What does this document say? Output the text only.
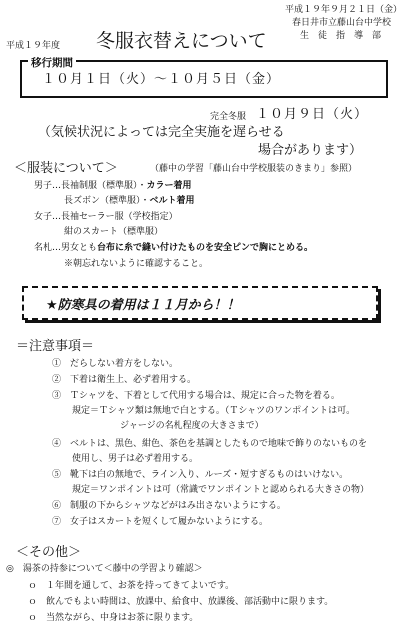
平成１９年９月２１日（金）
春日井市立藤山台中学校
生　徒　指　導　部
平成１９年度 冬服衣替えについて
移行期間
１０月１日（火）～１０月５日（金）
完全冬服 １０月９日（火）
（気候状況によっては完全実施を遅らせる
場合があります）
＜服装について＞	（藤中の学習「藤山台中学校服装のきまり」参照）
男子…長袖制服（標準服）・カラー着用
長ズボン（標準服）・ベルト着用
女子…長袖セーラー服（学校指定）
紺のスカート（標準服）
名札…男女とも台布に糸で縫い付けたものを安全ピンで胸にとめる。
※朝忘れないように確認すること。
★防寒具の着用は１１月から！！
＝注意事項＝
①　 だらしない着方をしない。
②　 下着は衛生上、必ず着用する。
③　 Ｔシャツを、下着として代用する場合は、規定に合った物を着る。
規定＝Ｔシャツ類は無地で白とする。（Ｔシャツのワンポイントは可。
ジャージの名札程度の大きさまで）
④　 ベルトは、黒色、紺色、茶色を基調としたもので地味で飾りのないものを
使用し、男子は必ず着用する。
⑤　 靴下は白の無地で、ライン入り、ルーズ・短すぎるものはいけない。
規定＝ワンポイントは可（常識でワンポイントと認められる大きさの物）
⑥　 制服の下からシャツなどがはみ出さないようにする。
⑦　 女子はスカートを短くして履かないようにする。
＜その他＞
◎　湯茶の持参について＜藤中の学習より確認＞
ｏ　１年間を通して、お茶を持ってきてよいです。
ｏ　飲んでもよい時間は、放課中、給食中、放課後、部活動中に限ります。
ｏ　当然ながら、中身はお茶に限ります。
